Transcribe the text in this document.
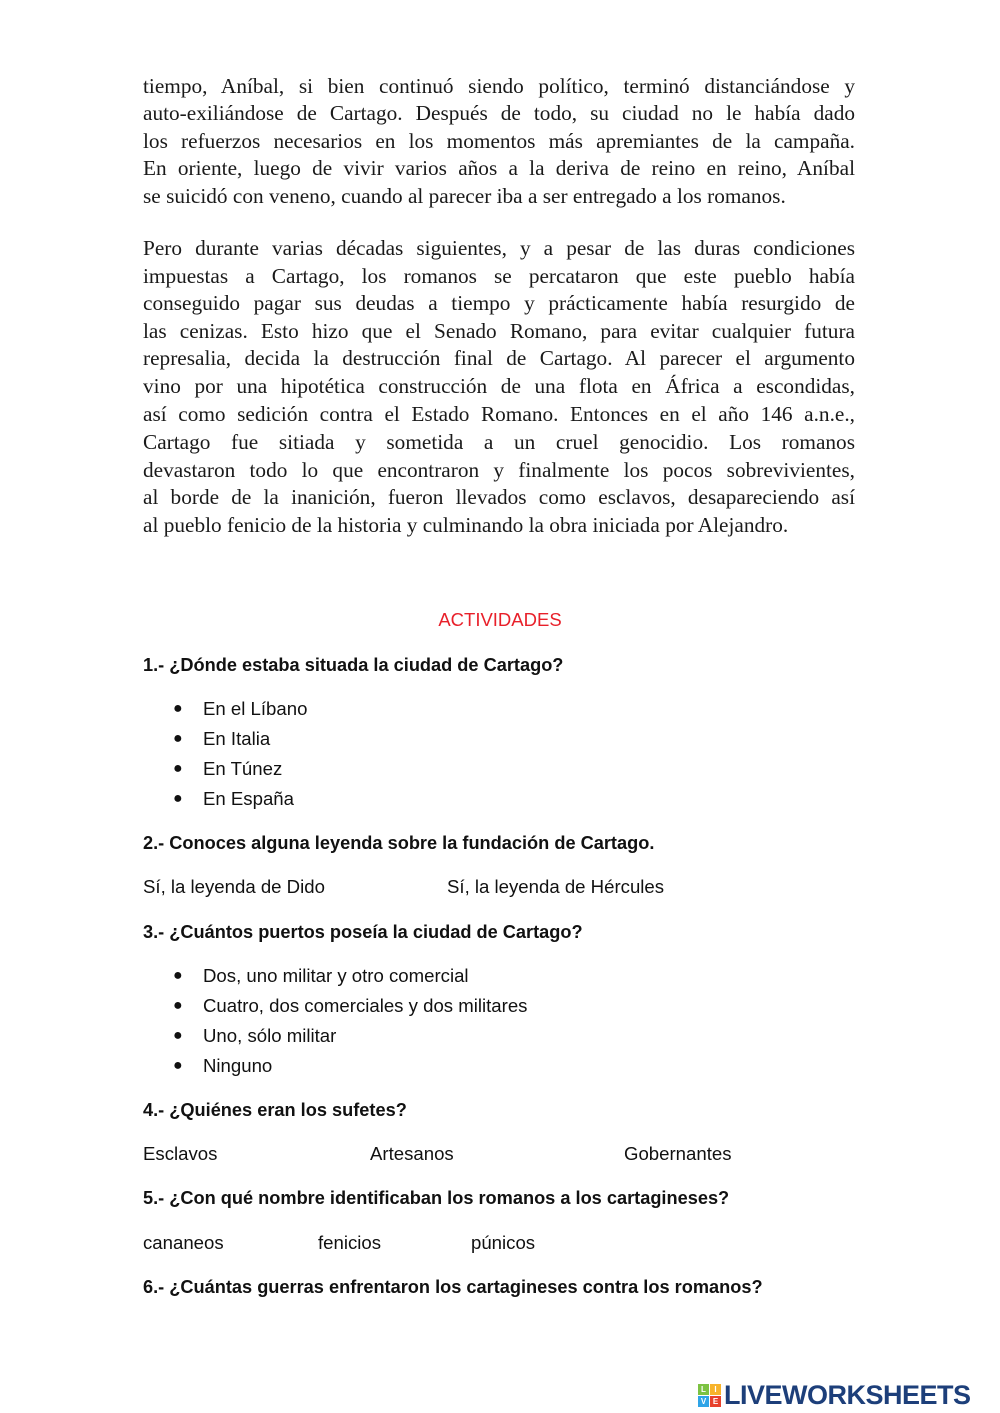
tiempo, Aníbal, si bien continuó siendo político, terminó distanciándose y
auto-exiliándose de Cartago. Después de todo, su ciudad no le había dado
los refuerzos necesarios en los momentos más apremiantes de la campaña.
En oriente, luego de vivir varios años a la deriva de reino en reino, Aníbal
se suicidó con veneno, cuando al parecer iba a ser entregado a los romanos.
Pero durante varias décadas siguientes, y a pesar de las duras condiciones
impuestas a Cartago, los romanos se percataron que este pueblo había
conseguido pagar sus deudas a tiempo y prácticamente había resurgido de
las cenizas. Esto hizo que el Senado Romano, para evitar cualquier futura
represalia, decida la destrucción final de Cartago. Al parecer el argumento
vino por una hipotética construcción de una flota en África a escondidas,
así como sedición contra el Estado Romano. Entonces en el año 146 a.n.e.,
Cartago fue sitiada y sometida a un cruel genocidio. Los romanos
devastaron todo lo que encontraron y finalmente los pocos sobrevivientes,
al borde de la inanición, fueron llevados como esclavos, desapareciendo así
al pueblo fenicio de la historia y culminando la obra iniciada por Alejandro.
ACTIVIDADES
1.- ¿Dónde estaba situada la ciudad de Cartago?
● En el Líbano
● En Italia
● En Túnez
● En España
2.- Conoces alguna leyenda sobre la fundación de Cartago.
Sí, la leyenda de Dido	Sí, la leyenda de Hércules
3.- ¿Cuántos puertos poseía la ciudad de Cartago?
● Dos, uno militar y otro comercial
● Cuatro, dos comerciales y dos militares
● Uno, sólo militar
● Ninguno
4.- ¿Quiénes eran los sufetes?
Esclavos	Artesanos	Gobernantes
5.- ¿Con qué nombre identificaban los romanos a los cartagineses?
cananeos	fenicios	púnicos
6.- ¿Cuántas guerras enfrentaron los cartagineses contra los romanos?
L	I
V E LIVEWORKSHEETS
